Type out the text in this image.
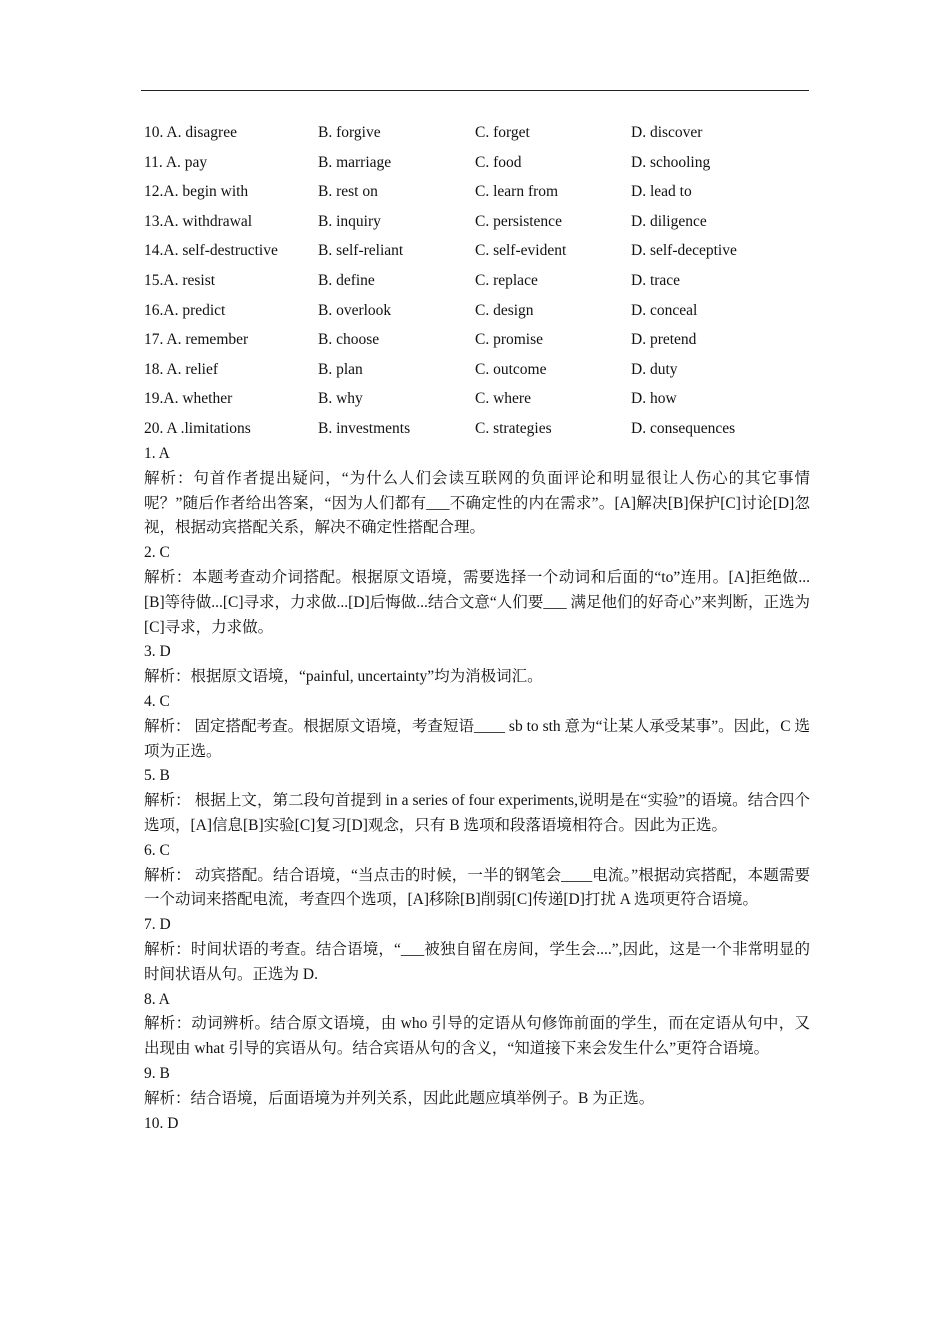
10. A. disagree	B. forgive	C. forget	D. discover
11. A. pay	B. marriage	C. food	D. schooling
12.A. begin with	B. rest on	C. learn from	D. lead to
13.A. withdrawal	B. inquiry	C. persistence	D. diligence
14.A. self-destructive	B. self-reliant	C. self-evident	D. self-deceptive
15.A. resist	B. define	C. replace	D. trace
16.A. predict	B. overlook	C. design	D. conceal
17. A. remember	B. choose	C. promise	D. pretend
18. A. relief	B. plan	C. outcome	D. duty
19.A. whether	B. why	C. where	D. how
20. A .limitations	B. investments	C. strategies	D. consequences
1. A
解析：句首作者提出疑问，“为什么人们会读互联网的负面评论和明显很让人伤心的其它事情呢？”随后作者给出答案，“因为人们都有___不确定性的内在需求”。[A]解决[B]保护[C]讨论[D]忽视，根据动宾搭配关系，解决不确定性搭配合理。
2. C
解析：本题考查动介词搭配。根据原文语境，需要选择一个动词和后面的“to”连用。[A]拒绝做...[B]等待做...[C]寻求，力求做...[D]后悔做...结合文意“人们要___ 满足他们的好奇心”来判断，正选为[C]寻求，力求做。
3. D
解析：根据原文语境，“painful, uncertainty”均为消极词汇。
4. C
解析： 固定搭配考查。根据原文语境，考查短语____ sb to sth 意为“让某人承受某事”。因此，C 选项为正选。
5. B
解析： 根据上文，第二段句首提到 in a series of four experiments,说明是在“实验”的语境。结合四个选项，[A]信息[B]实验[C]复习[D]观念，只有 B 选项和段落语境相符合。因此为正选。
6. C
解析： 动宾搭配。结合语境，“当点击的时候，一半的钢笔会____电流。”根据动宾搭配，本题需要一个动词来搭配电流，考查四个选项，[A]移除[B]削弱[C]传递[D]打扰 A 选项更符合语境。
7. D
解析：时间状语的考查。结合语境，“___被独自留在房间，学生会....”,因此，这是一个非常明显的时间状语从句。正选为 D.
8. A
解析：动词辨析。结合原文语境，由 who 引导的定语从句修饰前面的学生，而在定语从句中，又出现由 what 引导的宾语从句。结合宾语从句的含义，“知道接下来会发生什么”更符合语境。
9. B
解析：结合语境，后面语境为并列关系，因此此题应填举例子。B 为正选。
10. D
